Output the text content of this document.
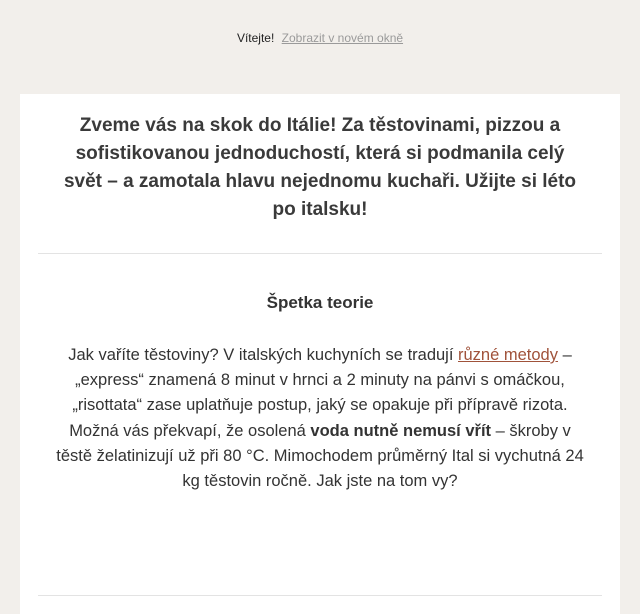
Vítejte! Zobrazit v novém okně
Zveme vás na skok do Itálie! Za těstovinami, pizzou a sofistikovanou jednoduchostí, která si podmanila celý svět – a zamotala hlavu nejednomu kuchaři. Užijte si léto po italsku!
Špetka teorie

Jak vaříte těstoviny? V italských kuchyních se tradují různé metody – „express“ znamená 8 minut v hrnci a 2 minuty na pánvi s omáčkou, „risottata“ zase uplatňuje postup, jaký se opakuje při přípravě rizota. Možná vás překvapí, že osolená voda nutně nemusí vřít – škroby v těstě želatinizují už při 80 °C. Mimochodem průměrný Ital si vychutná 24 kg těstovin ročně. Jak jste na tom vy?
